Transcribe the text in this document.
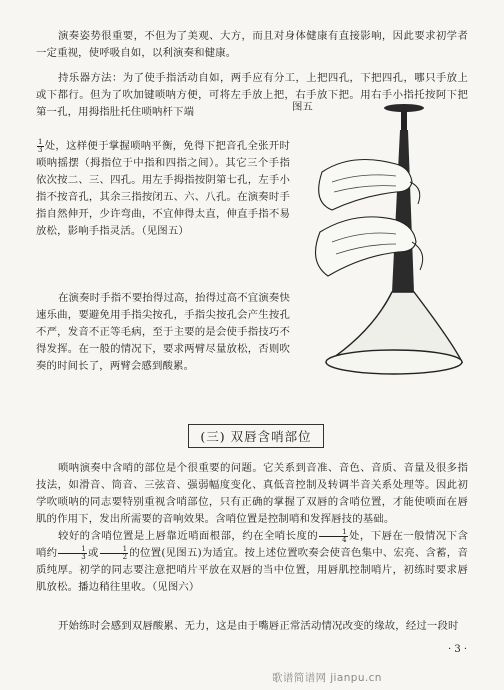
演奏姿势很重要，不但为了美观、大方，而且对身体健康有直接影响，因此要求初学者一定重视，使呼吸自如，以利演奏和健康。
持乐器方法：为了使手指活动自如，两手应有分工，上把四孔，下把四孔，哪只手放上或下都行。但为了吹加键唢呐方便，可将左手放上把，右手放下把。用右手小指托按阿下把第一孔，用拇指肚托住唢呐杆下端
$\frac{1}{3}$ 处，这样便于掌握唢呐平衡，免得下把音孔全张开时唢呐摇摆（拇指位于中指和四指之间）。其它三个手指依次按二、三、四孔。用左手拇指按阴第七孔，左手小指不按音孔，其余三指按闭五、六、八孔。在演奏时手指自然伸开，少许弯曲，不宜伸得太直，伸直手指不易放松，影响手指灵活。（见图五）
在演奏时手指不要抬得过高，抬得过高不宜演奏快速乐曲，要避免用手指尖按孔，手指尖按孔会产生按孔不严，发音不正等毛病，至于主要的是会使手指技巧不得发挥。在一般的情况下，要求两臂尽量放松，否则吹奏的时间长了，两臂会感到酸累。
图五
(三) 双唇含哨部位
唢呐演奏中含哨的部位是个很重要的问题。它关系到音准、音色、音质、音量及很多指技法，如滑音、筒音、三弦音、强弱幅度变化、真低音控制及转调半音关系处理等。因此初学吹唢呐的同志要特别重视含哨部位，只有正确的掌握了双唇的含哨位置，才能使唢面在唇肌的作用下，发出所需要的音响效果。含哨位置是控制哨和发挥唇技的基础。
较好的含哨位置是上唇靠近哨面根部，约在全哨长度的 $\frac{1}{4}$ 处，下唇在一般情况下含哨约 $\frac{1}{3}$ 或 $\frac{1}{2}$ 的位置(见图五)为适宜。按上述位置吹奏会使音色集中、宏亮、含蓄，音质纯厚。初学的同志要注意把哨片平放在双唇的当中位置，用唇肌控制哨片，初练时要求唇肌放松。播边稍往里收。（见图六）
开始练时会感到双唇酸累、无力，这是由于嘴唇正常活动情况改变的缘故，经过一段时
· 3 ·
歌谱简谱网 jianpu.cn
